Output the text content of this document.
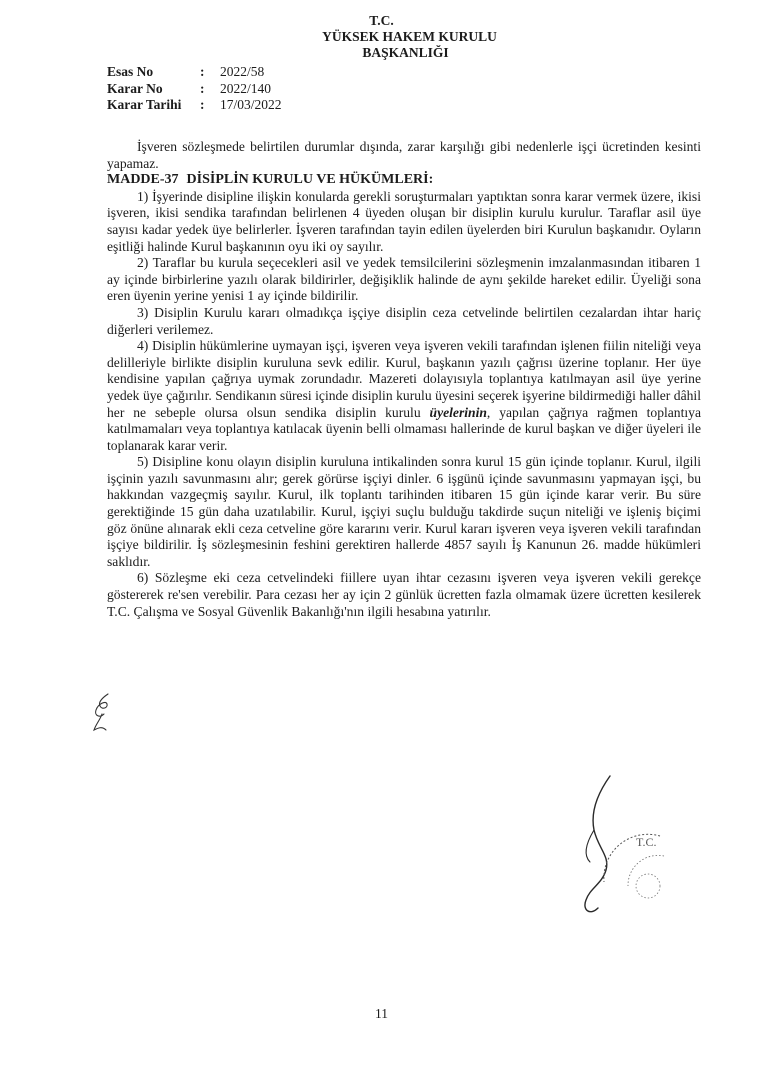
T.C.
YÜKSEK HAKEM KURULU
BAŞKANLIĞI
Esas No	:	2022/58
Karar No	:	2022/140
Karar Tarihi	:	17/03/2022

İşveren sözleşmede belirtilen durumlar dışında, zarar karşılığı gibi nedenlerle işçi ücretinden kesinti yapamaz.

MADDE-37 DİSİPLİN KURULU VE HÜKÜMLERİ:

1) İşyerinde disipline ilişkin konularda gerekli soruşturmaları yaptıktan sonra karar vermek üzere, ikisi işveren, ikisi sendika tarafından belirlenen 4 üyeden oluşan bir disiplin kurulu kurulur. Taraflar asil üye sayısı kadar yedek üye belirlerler. İşveren tarafından tayin edilen üyelerden biri Kurulun başkanıdır. Oyların eşitliği halinde Kurul başkanının oyu iki oy sayılır.

2) Taraflar bu kurula seçecekleri asil ve yedek temsilcilerini sözleşmenin imzalanmasından itibaren 1 ay içinde birbirlerine yazılı olarak bildirirler, değişiklik halinde de aynı şekilde hareket edilir. Üyeliği sona eren üyenin yerine yenisi 1 ay içinde bildirilir.

3) Disiplin Kurulu kararı olmadıkça işçiye disiplin ceza cetvelinde belirtilen cezalardan ihtar hariç diğerleri verilemez.

4) Disiplin hükümlerine uymayan işçi, işveren veya işveren vekili tarafından işlenen fiilin niteliği veya delilleriyle birlikte disiplin kuruluna sevk edilir. Kurul, başkanın yazılı çağrısı üzerine toplanır. Her üye kendisine yapılan çağrıya uymak zorundadır. Mazereti dolayısıyla toplantıya katılmayan asil üye yerine yedek üye çağırılır. Sendikanın süresi içinde disiplin kurulu üyesini seçerek işyerine bildirmediği haller dâhil her ne sebeple olursa olsun sendika disiplin kurulu üyelerinin, yapılan çağrıya rağmen toplantıya katılmamaları veya toplantıya katılacak üyenin belli olmaması hallerinde de kurul başkan ve diğer üyeleri ile toplanarak karar verir.

5) Disipline konu olayın disiplin kuruluna intikalinden sonra kurul 15 gün içinde toplanır. Kurul, ilgili işçinin yazılı savunmasını alır; gerek görürse işçiyi dinler. 6 işgünü içinde savunmasını yapmayan işçi, bu hakkından vazgeçmiş sayılır. Kurul, ilk toplantı tarihinden itibaren 15 gün içinde karar verir. Bu süre gerektiğinde 15 gün daha uzatılabilir. Kurul, işçiyi suçlu bulduğu takdirde suçun niteliği ve işleniş biçimi göz önüne alınarak ekli ceza cetveline göre kararını verir. Kurul kararı işveren veya işveren vekili tarafından işçiye bildirilir. İş sözleşmesinin feshini gerektiren hallerde 4857 sayılı İş Kanunun 26. madde hükümleri saklıdır.

6) Sözleşme eki ceza cetvelindeki fiillere uyan ihtar cezasını işveren veya işveren vekili gerekçe göstererek re'sen verebilir. Para cezası her ay için 2 günlük ücretten fazla olmamak üzere ücretten kesilerek T.C. Çalışma ve Sosyal Güvenlik Bakanlığı'nın ilgili hesabına yatırılır.

T.C.
11
